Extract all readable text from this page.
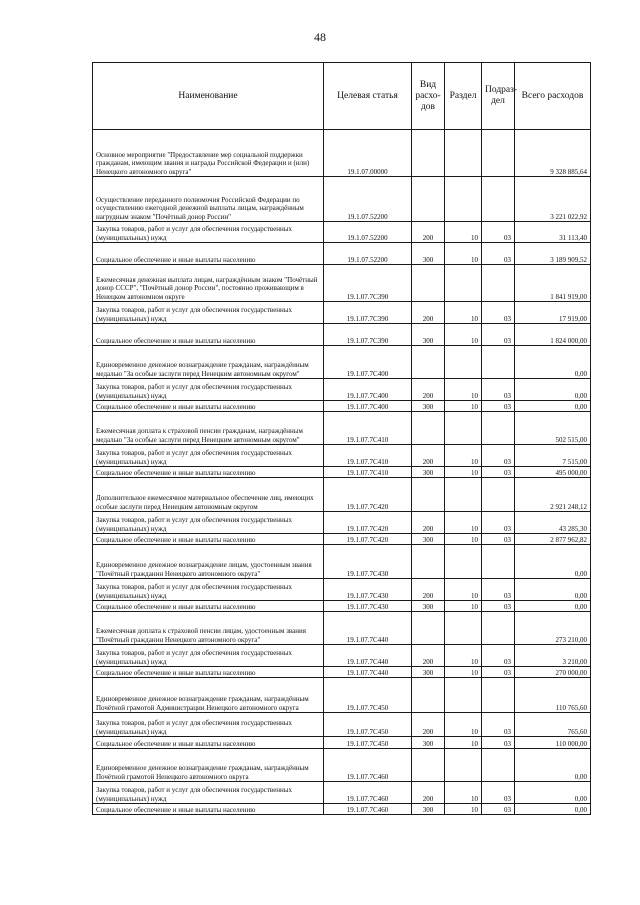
48
Наименование	Целевая статья	Вид расхо-дов	Раздел	Подраз-дел	Всего расходов
Основное мероприятие "Предоставление мер социальной поддержки гражданам, имеющим звания и награды Российской Федерации и (или) Ненецкого автономного округа"	19.1.07.00000				9 328 885,64
Осуществление переданного полномочия Российской Федерации по осуществлению ежегодной денежной выплаты лицам, награждённым нагрудным знаком "Почётный донор России"	19.1.07.52200				3 221 022,92
Закупка товаров, работ и услуг для обеспечения государственных (муниципальных) нужд	19.1.07.52200	200	10	03	31 113,40
Социальное обеспечение и иные выплаты населению	19.1.07.52200	300	10	03	3 189 909,52
Ежемесячная денежная выплата лицам, награждённым знаком "Почётный донор СССР", "Почётный донор России", постоянно проживающим в Ненецком автономном округе	19.1.07.7С390				1 841 919,00
Закупка товаров, работ и услуг для обеспечения государственных (муниципальных) нужд	19.1.07.7С390	200	10	03	17 919,00
Социальное обеспечение и иные выплаты населению	19.1.07.7С390	300	10	03	1 824 000,00
Единовременное денежное вознаграждение гражданам, награждённым медалью "За особые заслуги перед Ненецким автономным округом"	19.1.07.7С400				0,00
Закупка товаров, работ и услуг для обеспечения государственных (муниципальных) нужд	19.1.07.7С400	200	10	03	0,00
Социальное обеспечение и иные выплаты населению	19.1.07.7С400	300	10	03	0,00
Ежемесячная доплата к страховой пенсии гражданам, награждённым медалью "За особые заслуги перед Ненецким автономным округом"	19.1.07.7С410				502 515,00
Закупка товаров, работ и услуг для обеспечения государственных (муниципальных) нужд	19.1.07.7С410	200	10	03	7 515,00
Социальное обеспечение и иные выплаты населению	19.1.07.7С410	300	10	03	495 000,00
Дополнительное ежемесячное материальное обеспечение лиц, имеющих особые заслуги перед Ненецким автономным округом	19.1.07.7С420				2 921 248,12
Закупка товаров, работ и услуг для обеспечения государственных (муниципальных) нужд	19.1.07.7С420	200	10	03	43 285,30
Социальное обеспечение и иные выплаты населению	19.1.07.7С420	300	10	03	2 877 962,82
Единовременное денежное вознаграждение лицам, удостоенным звания "Почётный гражданин Ненецкого автономного округа"	19.1.07.7С430				0,00
Закупка товаров, работ и услуг для обеспечения государственных (муниципальных) нужд	19.1.07.7С430	200	10	03	0,00
Социальное обеспечение и иные выплаты населению	19.1.07.7С430	300	10	03	0,00
Ежемесячная доплата к страховой пенсии лицам, удостоенным звания "Почётный гражданин Ненецкого автономного округа"	19.1.07.7С440				273 210,00
Закупка товаров, работ и услуг для обеспечения государственных (муниципальных) нужд	19.1.07.7С440	200	10	03	3 210,00
Социальное обеспечение и иные выплаты населению	19.1.07.7С440	300	10	03	270 000,00
Единовременное денежное вознаграждение гражданам, награждённым Почётной грамотой Администрации Ненецкого автономного округа	19.1.07.7С450				110 765,60
Закупка товаров, работ и услуг для обеспечения государственных (муниципальных) нужд	19.1.07.7С450	200	10	03	765,60
Социальное обеспечение и иные выплаты населению	19.1.07.7С450	300	10	03	110 000,00
Единовременное денежное вознаграждение гражданам, награждённым Почётной грамотой Ненецкого автономного округа	19.1.07.7С460				0,00
Закупка товаров, работ и услуг для обеспечения государственных (муниципальных) нужд	19.1.07.7С460	200	10	03	0,00
Социальное обеспечение и иные выплаты населению	19.1.07.7С460	300	10	03	0,00
